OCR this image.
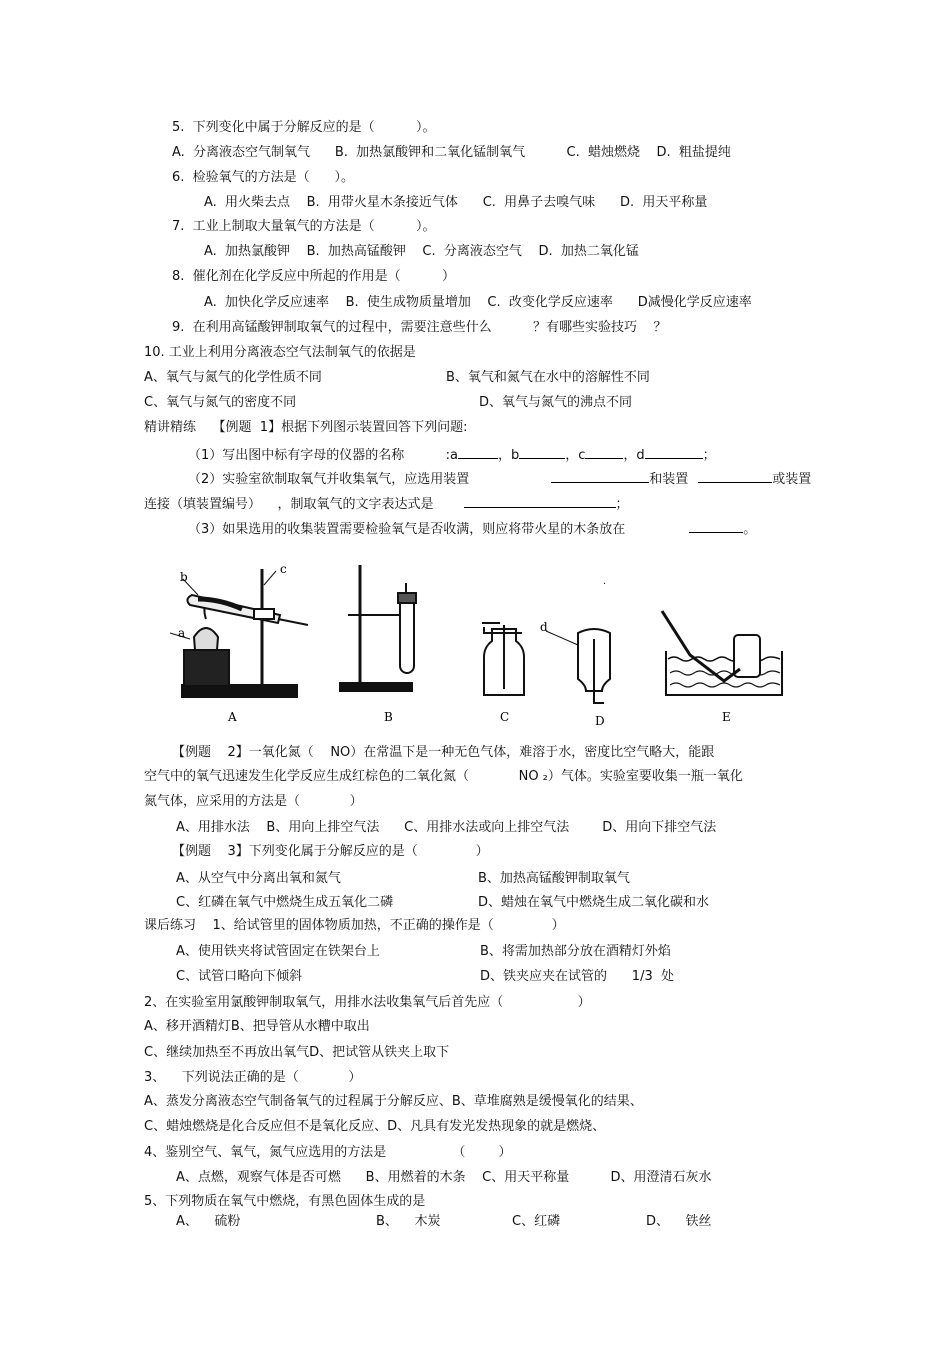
5.  下列变化中属于分解反应的是（          ）。
A.  分离液态空气制氧气      B.  加热氯酸钾和二氧化锰制氧气          C.  蜡烛燃烧    D.  粗盐提纯
6.  检验氧气的方法是（      ）。
A.  用火柴去点    B.  用带火星木条接近气体      C.  用鼻子去嗅气味      D.  用天平称量
7.  工业上制取大量氧气的方法是（          ）。
A.  加热氯酸钾    B.  加热高锰酸钾    C.  分离液态空气    D.  加热二氧化锰
8.  催化剂在化学反应中所起的作用是（          ）
A.  加快化学反应速率    B.  使生成物质量增加    C.  改变化学反应速率      D减慢化学反应速率
9.  在利用高锰酸钾制取氧气的过程中，需要注意些什么          ？有哪些实验技巧    ？
10. 工业上利用分离液态空气法制氧气的依据是
A、氧气与氮气的化学性质不同	B、氧气和氮气在水中的溶解性不同
C、氧气与氮气的密度不同	D、氧气与氮气的沸点不同
精讲精练    【例题  1】根据下列图示装置回答下列问题:
（1）写出图中标有字母的仪器的名称          :a	，b	，c	，d	；
（2）实验室欲制取氧气并收集氧气，应选用装置	和装置	或装置
连接（填装置编号）    ，制取氧气的文字表达式是	；
（3）如果选用的收集装置需要检验氧气是否收满，则应将带火星的木条放在	。
a
b
c
A	B	C
d
D	E
.
【例题    2】一氧化氮（    NO）在常温下是一种无色气体，难溶于水，密度比空气略大，能跟
空气中的氧气迅速发生化学反应生成红棕色的二氧化氮（            NO ₂）气体。实验室要收集一瓶一氧化
氮气体，应采用的方法是（            ）
A、用排水法    B、用向上排空气法      C、用排水法或向上排空气法        D、用向下排空气法
【例题    3】下列变化属于分解反应的是（              ）
A、从空气中分离出氧和氮气	B、加热高锰酸钾制取氧气
C、红磷在氧气中燃烧生成五氧化二磷	D、蜡烛在氧气中燃烧生成二氧化碳和水
课后练习    1、给试管里的固体物质加热，不正确的操作是（              ）
A、使用铁夹将试管固定在铁架台上	B、将需加热部分放在酒精灯外焰
C、试管口略向下倾斜	D、铁夹应夹在试管的      1/3  处
2、在实验室用氯酸钾制取氧气，用排水法收集氧气后首先应（                  ）
A、移开酒精灯B、把导管从水糟中取出
C、继续加热至不再放出氧气D、把试管从铁夹上取下
3、    下列说法正确的是（            ）
A、蒸发分离液态空气制备氧气的过程属于分解反应、B、草堆腐熟是缓慢氧化的结果、
C、蜡烛燃烧是化合反应但不是氧化反应、D、凡具有发光发热现象的就是燃烧、
4、鉴别空气、氧气，氮气应选用的方法是                （        ）
A、点燃，观察气体是否可燃      B、用燃着的木条    C、用天平称量          D、用澄清石灰水
5、下列物质在氧气中燃烧，有黑色固体生成的是
A、    硫粉	B、    木炭	C、红磷	D、    铁丝
